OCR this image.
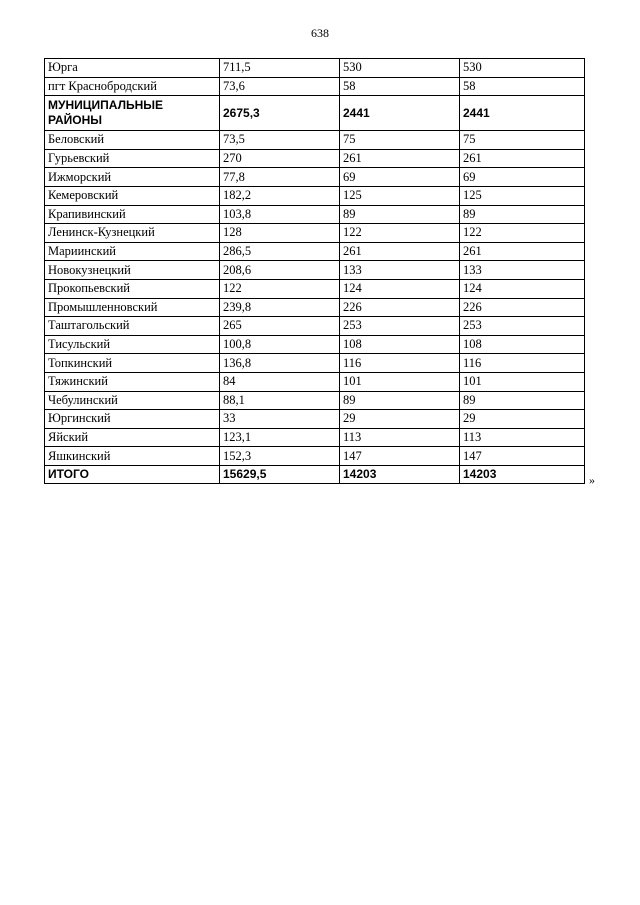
638
Юрга	711,5	530	530
пгт Краснобродский	73,6	58	58
МУНИЦИПАЛЬНЫЕ РАЙОНЫ	2675,3	2441	2441
Беловский	73,5	75	75
Гурьевский	270	261	261
Ижморский	77,8	69	69
Кемеровский	182,2	125	125
Крапивинский	103,8	89	89
Ленинск-Кузнецкий	128	122	122
Мариинский	286,5	261	261
Новокузнецкий	208,6	133	133
Прокопьевский	122	124	124
Промышленновский	239,8	226	226
Таштагольский	265	253	253
Тисульский	100,8	108	108
Топкинский	136,8	116	116
Тяжинский	84	101	101
Чебулинский	88,1	89	89
Юргинский	33	29	29
Яйский	123,1	113	113
Яшкинский	152,3	147	147
ИТОГО	15629,5	14203	14203	»
